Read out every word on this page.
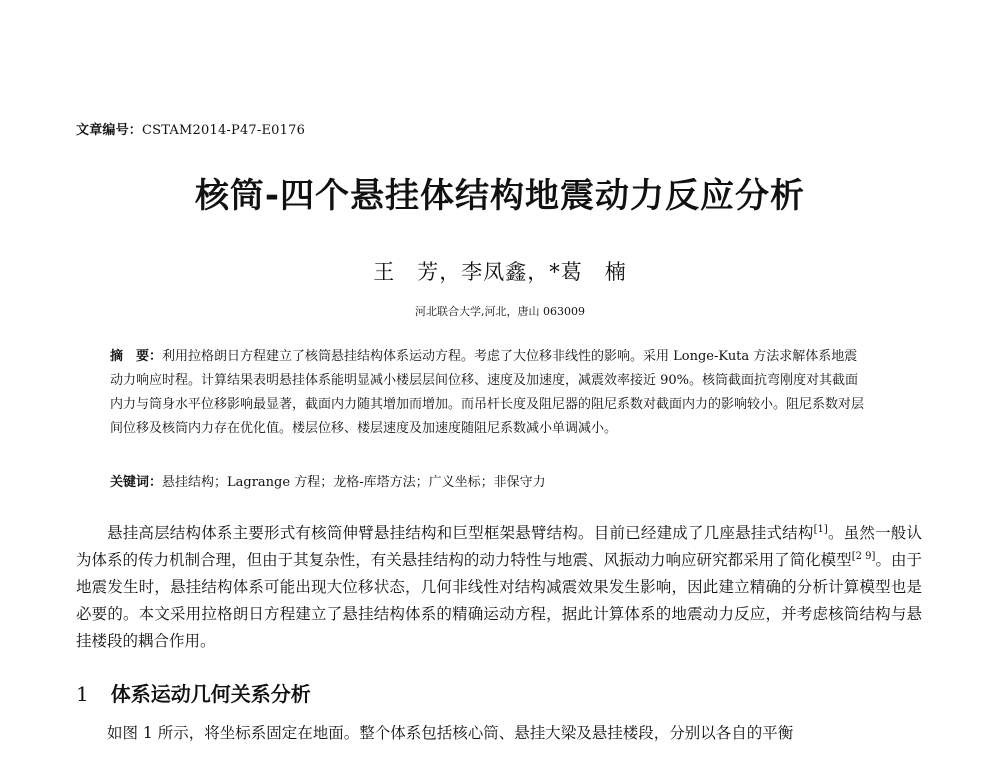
文章编号：CSTAM2014-P47-E0176
核筒-四个悬挂体结构地震动力反应分析
王　芳，李凤鑫，*葛　楠
河北联合大学,河北，唐山 063009
摘　要：利用拉格朗日方程建立了核筒悬挂结构体系运动方程。考虑了大位移非线性的影响。采用 Longe-Kuta 方法求解体系地震动力响应时程。计算结果表明悬挂体系能明显减小楼层层间位移、速度及加速度，减震效率接近 90%。核筒截面抗弯刚度对其截面内力与筒身水平位移影响最显著，截面内力随其增加而增加。而吊杆长度及阻尼器的阻尼系数对截面内力的影响较小。阻尼系数对层间位移及核筒内力存在优化值。楼层位移、楼层速度及加速度随阻尼系数减小单调减小。
关键词：悬挂结构；Lagrange 方程；龙格-库塔方法；广义坐标；非保守力
悬挂高层结构体系主要形式有核筒伸臂悬挂结构和巨型框架悬臂结构。目前已经建成了几座悬挂式结构[1]。虽然一般认为体系的传力机制合理，但由于其复杂性，有关悬挂结构的动力特性与地震、风振动力响应研究都采用了简化模型[2 9]。由于地震发生时，悬挂结构体系可能出现大位移状态，几何非线性对结构减震效果发生影响，因此建立精确的分析计算模型也是必要的。本文采用拉格朗日方程建立了悬挂结构体系的精确运动方程，据此计算体系的地震动力反应，并考虑核筒结构与悬挂楼段的耦合作用。
1 体系运动几何关系分析
如图 1 所示，将坐标系固定在地面。整个体系包括核心筒、悬挂大梁及悬挂楼段，分别以各自的平衡
